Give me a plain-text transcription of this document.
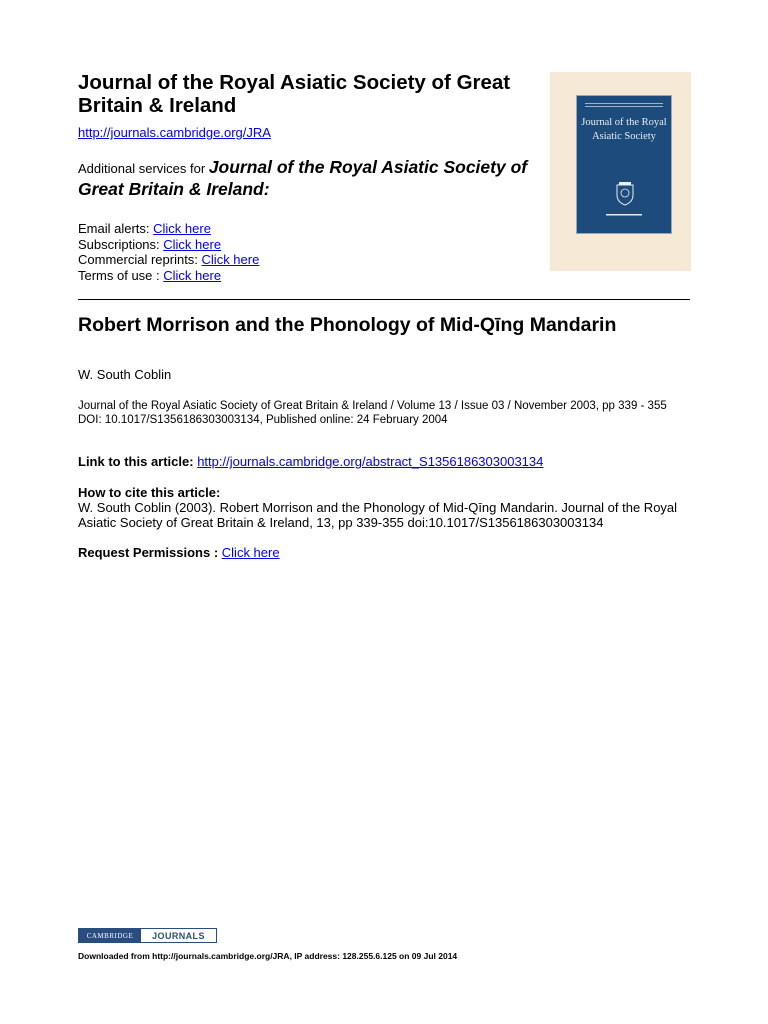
Journal of the Royal Asiatic Society of Great Britain & Ireland
http://journals.cambridge.org/JRA
Additional services for Journal of the Royal Asiatic Society of Great Britain & Ireland:
Email alerts: Click here
Subscriptions: Click here
Commercial reprints: Click here
Terms of use : Click here
Journal of the Royal Asiatic Society
Robert Morrison and the Phonology of Mid-Qīng Mandarin
W. South Coblin
Journal of the Royal Asiatic Society of Great Britain & Ireland / Volume 13 / Issue 03 / November 2003, pp 339 - 355
DOI: 10.1017/S1356186303003134, Published online: 24 February 2004
Link to this article: http://journals.cambridge.org/abstract_S1356186303003134
How to cite this article:
W. South Coblin (2003). Robert Morrison and the Phonology of Mid-Qīng Mandarin. Journal of the Royal Asiatic Society of Great Britain & Ireland, 13, pp 339-355 doi:10.1017/S1356186303003134
Request Permissions : Click here
CAMBRIDGE	JOURNALS
Downloaded from http://journals.cambridge.org/JRA, IP address: 128.255.6.125 on 09 Jul 2014
